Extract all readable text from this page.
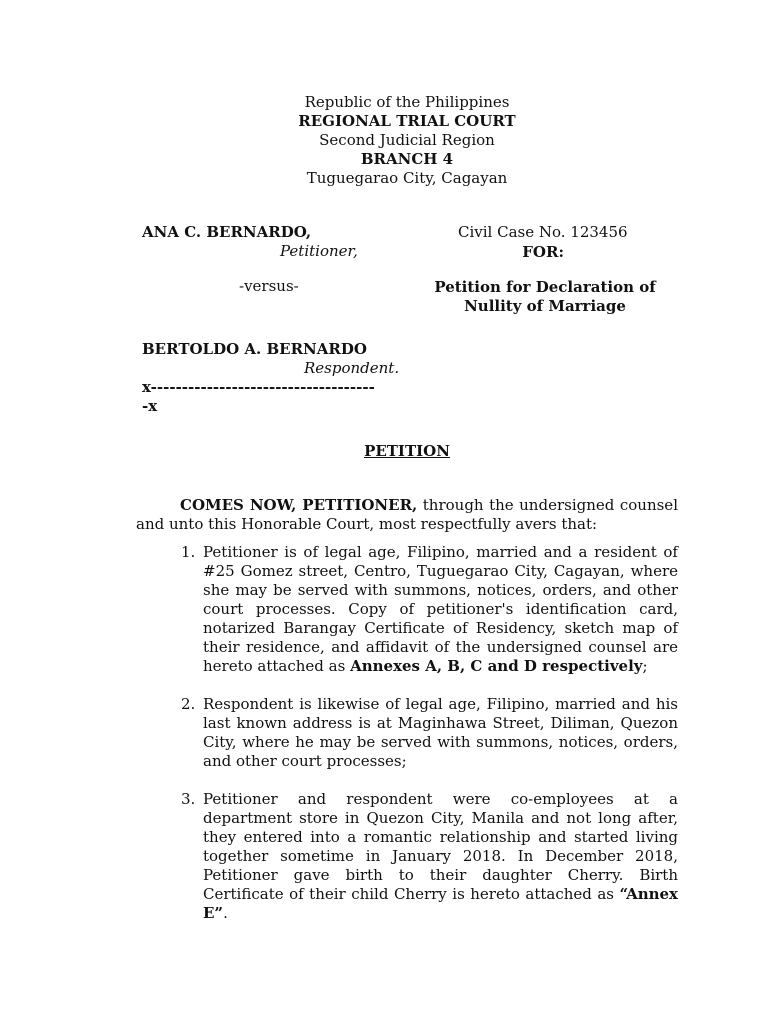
Republic of the Philippines
REGIONAL TRIAL COURT
Second Judicial Region
BRANCH 4
Tuguegarao City, Cagayan
ANA C. BERNARDO,
Petitioner,
-versus-
BERTOLDO A. BERNARDO
Respondent.
x------------------------------------
-x
Civil Case No. 123456
FOR:
Petition for Declaration of
Nullity of Marriage
PETITION
COMES NOW, PETITIONER, through the undersigned counsel and unto this Honorable Court, most respectfully avers that:
1. Petitioner is of legal age, Filipino, married and a resident of #25 Gomez street, Centro, Tuguegarao City, Cagayan, where she may be served with summons, notices, orders, and other court processes. Copy of petitioner's identification card, notarized Barangay Certificate of Residency, sketch map of their residence, and affidavit of the undersigned counsel are hereto attached as Annexes A, B, C and D respectively;
2. Respondent is likewise of legal age, Filipino, married and his last known address is at Maginhawa Street, Diliman, Quezon City, where he may be served with summons, notices, orders, and other court processes;
3. Petitioner and respondent were co-employees at a department store in Quezon City, Manila and not long after, they entered into a romantic relationship and started living together sometime in January 2018. In December 2018, Petitioner gave birth to their daughter Cherry. Birth Certificate of their child Cherry is hereto attached as “Annex E”.
